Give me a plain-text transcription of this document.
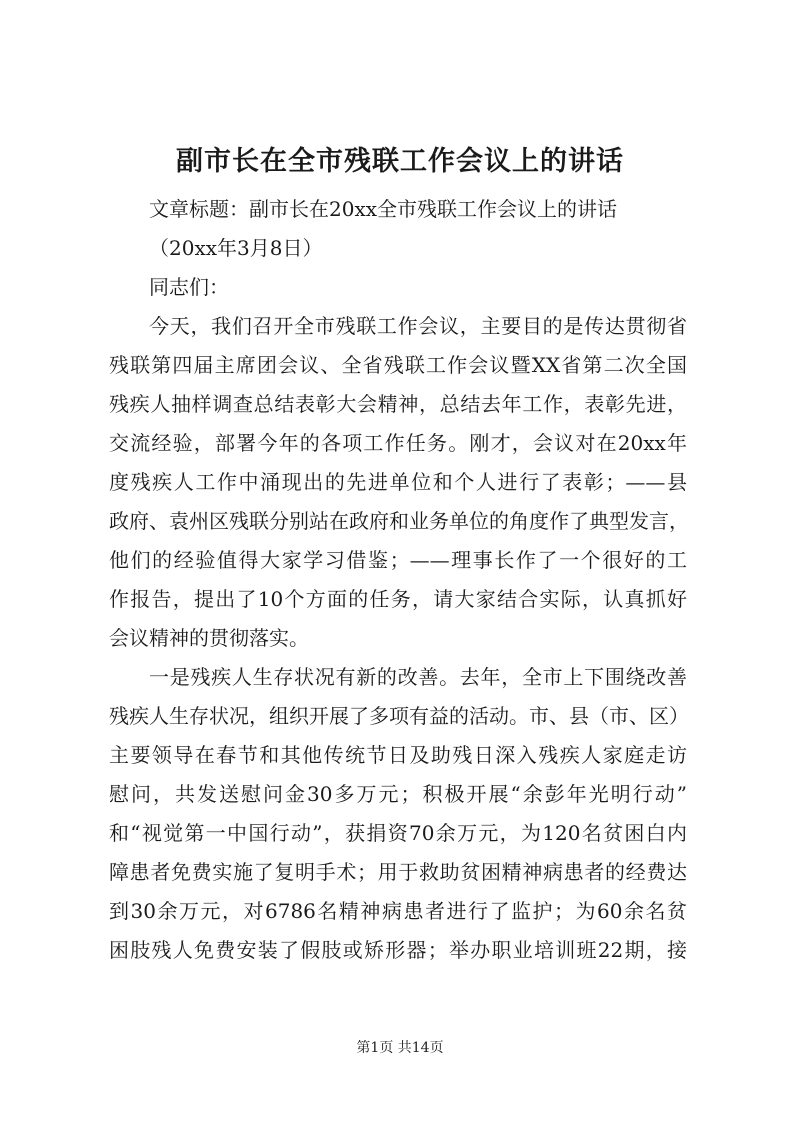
副市长在全市残联工作会议上的讲话
文章标题：副市长在20xx全市残联工作会议上的讲话
（20xx年3月8日）
同志们：
今天，我们召开全市残联工作会议，主要目的是传达贯彻省
残联第四届主席团会议、全省残联工作会议暨XX省第二次全国
残疾人抽样调查总结表彰大会精神，总结去年工作，表彰先进，
交流经验，部署今年的各项工作任务。刚才，会议对在20xx年
度残疾人工作中涌现出的先进单位和个人进行了表彰；——县
政府、袁州区残联分别站在政府和业务单位的角度作了典型发言，
他们的经验值得大家学习借鉴；——理事长作了一个很好的工
作报告，提出了10个方面的任务，请大家结合实际，认真抓好
会议精神的贯彻落实。
一是残疾人生存状况有新的改善。去年，全市上下围绕改善
残疾人生存状况，组织开展了多项有益的活动。市、县（市、区）
主要领导在春节和其他传统节日及助残日深入残疾人家庭走访
慰问，共发送慰问金30多万元；积极开展“余彭年光明行动”
和“视觉第一中国行动”，获捐资70余万元，为120名贫困白内
障患者免费实施了复明手术；用于救助贫困精神病患者的经费达
到30余万元，对6786名精神病患者进行了监护；为60余名贫
困肢残人免费安装了假肢或矫形器；举办职业培训班22期，接
第1页 共14页
